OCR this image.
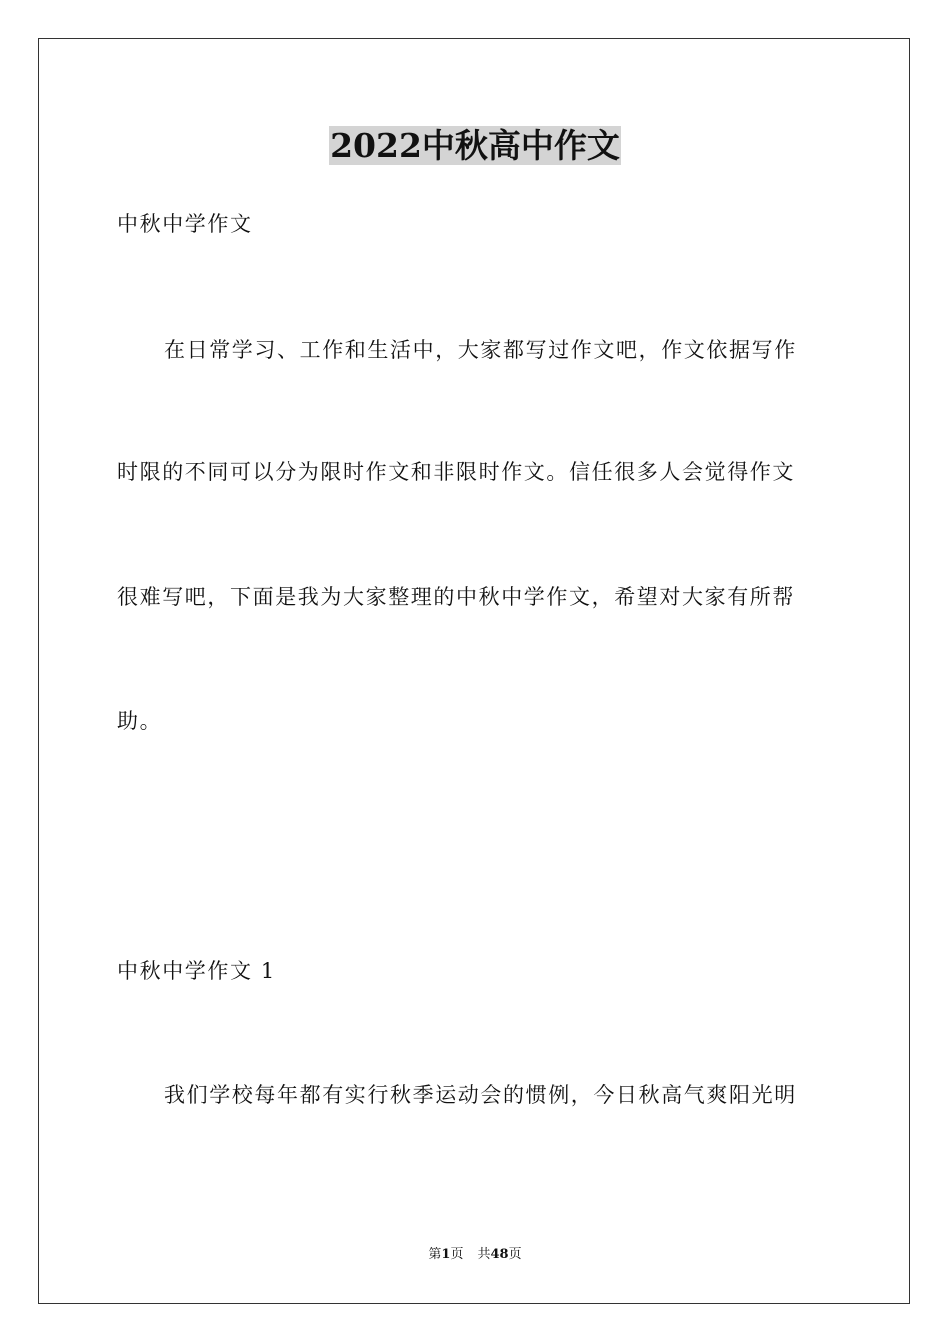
2022中秋高中作文
中秋中学作文
在日常学习、工作和生活中，大家都写过作文吧，作文依据写作
时限的不同可以分为限时作文和非限时作文。信任很多人会觉得作文
很难写吧，下面是我为大家整理的中秋中学作文，希望对大家有所帮
助。
中秋中学作文 1
我们学校每年都有实行秋季运动会的惯例，今日秋高气爽阳光明
第1页 共48页
